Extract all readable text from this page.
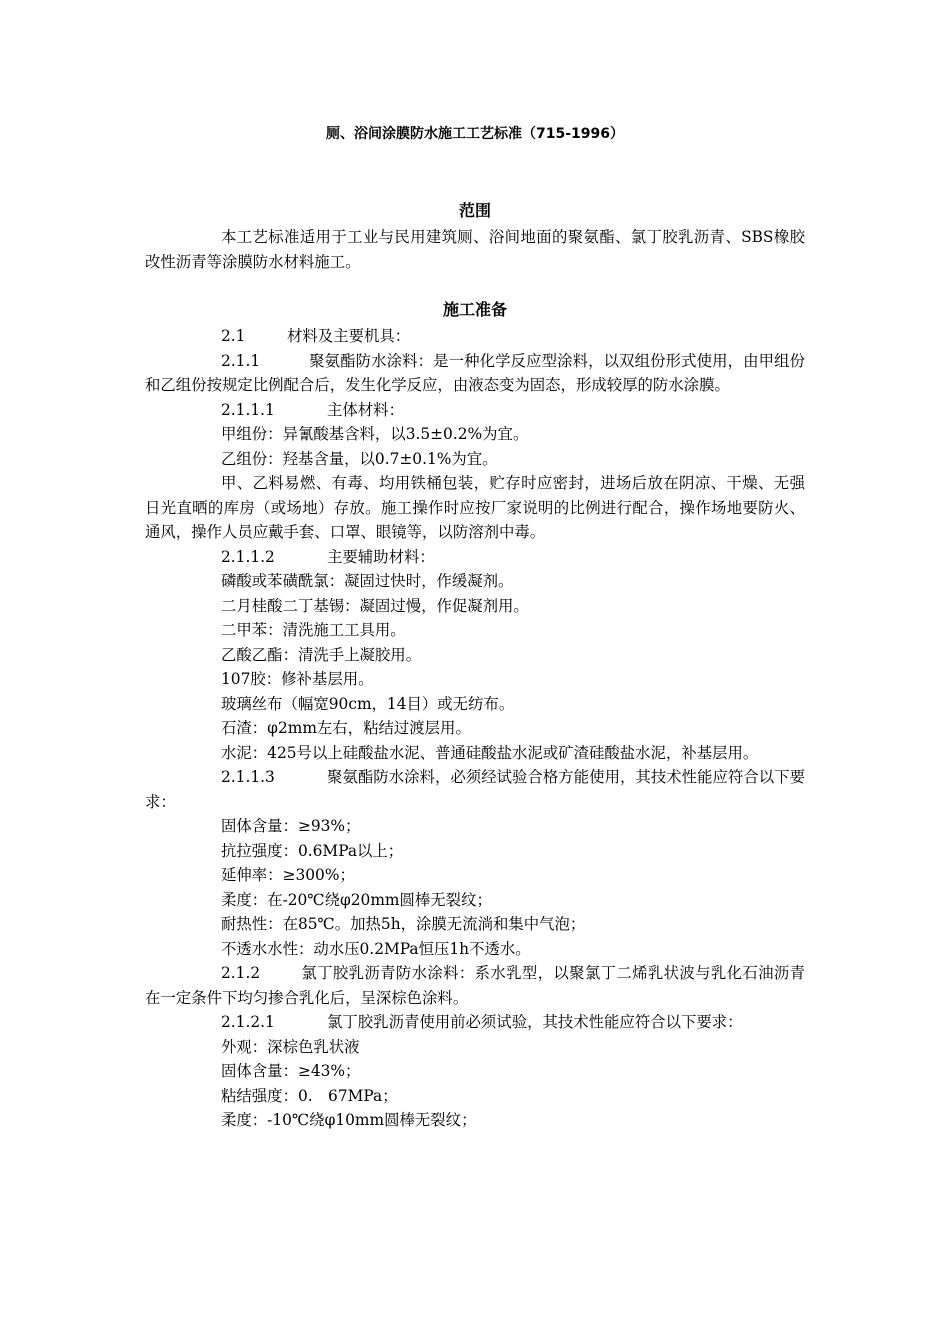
厕、浴间涂膜防水施工工艺标准（715-1996）
范围

本工艺标准适用于工业与民用建筑厕、浴间地面的聚氨酯、氯丁胶乳沥青、SBS橡胶改性沥青等涂膜防水材料施工。

施工准备

2.1	材料及主要机具：

2.1.1	聚氨酯防水涂料：是一种化学反应型涂料，以双组份形式使用，由甲组份和乙组份按规定比例配合后，发生化学反应，由液态变为固态，形成较厚的防水涂膜。

2.1.1.1	主体材料：

甲组份：异氰酸基含料，以3.5±0.2%为宜。

乙组份：羟基含量，以0.7±0.1%为宜。

甲、乙料易燃、有毒、均用铁桶包装，贮存时应密封，进场后放在阴凉、干燥、无强日光直晒的库房（或场地）存放。施工操作时应按厂家说明的比例进行配合，操作场地要防火、通风，操作人员应戴手套、口罩、眼镜等，以防溶剂中毒。

2.1.1.2	主要辅助材料：

磷酸或苯磺酰氯：凝固过快时，作缓凝剂。

二月桂酸二丁基锡：凝固过慢，作促凝剂用。

二甲苯：清洗施工工具用。

乙酸乙酯：清洗手上凝胶用。

107胶：修补基层用。

玻璃丝布（幅宽90cm，14目）或无纺布。

石渣：φ2mm左右，粘结过渡层用。

水泥：425号以上硅酸盐水泥、普通硅酸盐水泥或矿渣硅酸盐水泥，补基层用。

2.1.1.3	聚氨酯防水涂料，必须经试验合格方能使用，其技术性能应符合以下要求：

固体含量：≥93%；

抗拉强度：0.6MPa以上；

延伸率：≥300%；

柔度：在-20℃绕φ20mm圆棒无裂纹；

耐热性：在85℃。加热5h，涂膜无流淌和集中气泡；

不透水水性：动水压0.2MPa恒压1h不透水。

2.1.2	氯丁胶乳沥青防水涂料：系水乳型，以聚氯丁二烯乳状波与乳化石油沥青在一定条件下均匀掺合乳化后，呈深棕色涂料。

2.1.2.1	氯丁胶乳沥青使用前必须试验，其技术性能应符合以下要求：

外观：深棕色乳状液

固体含量：≥43%；

粘结强度：0.　67MPa；

柔度：-10℃绕φ10mm圆棒无裂纹；
